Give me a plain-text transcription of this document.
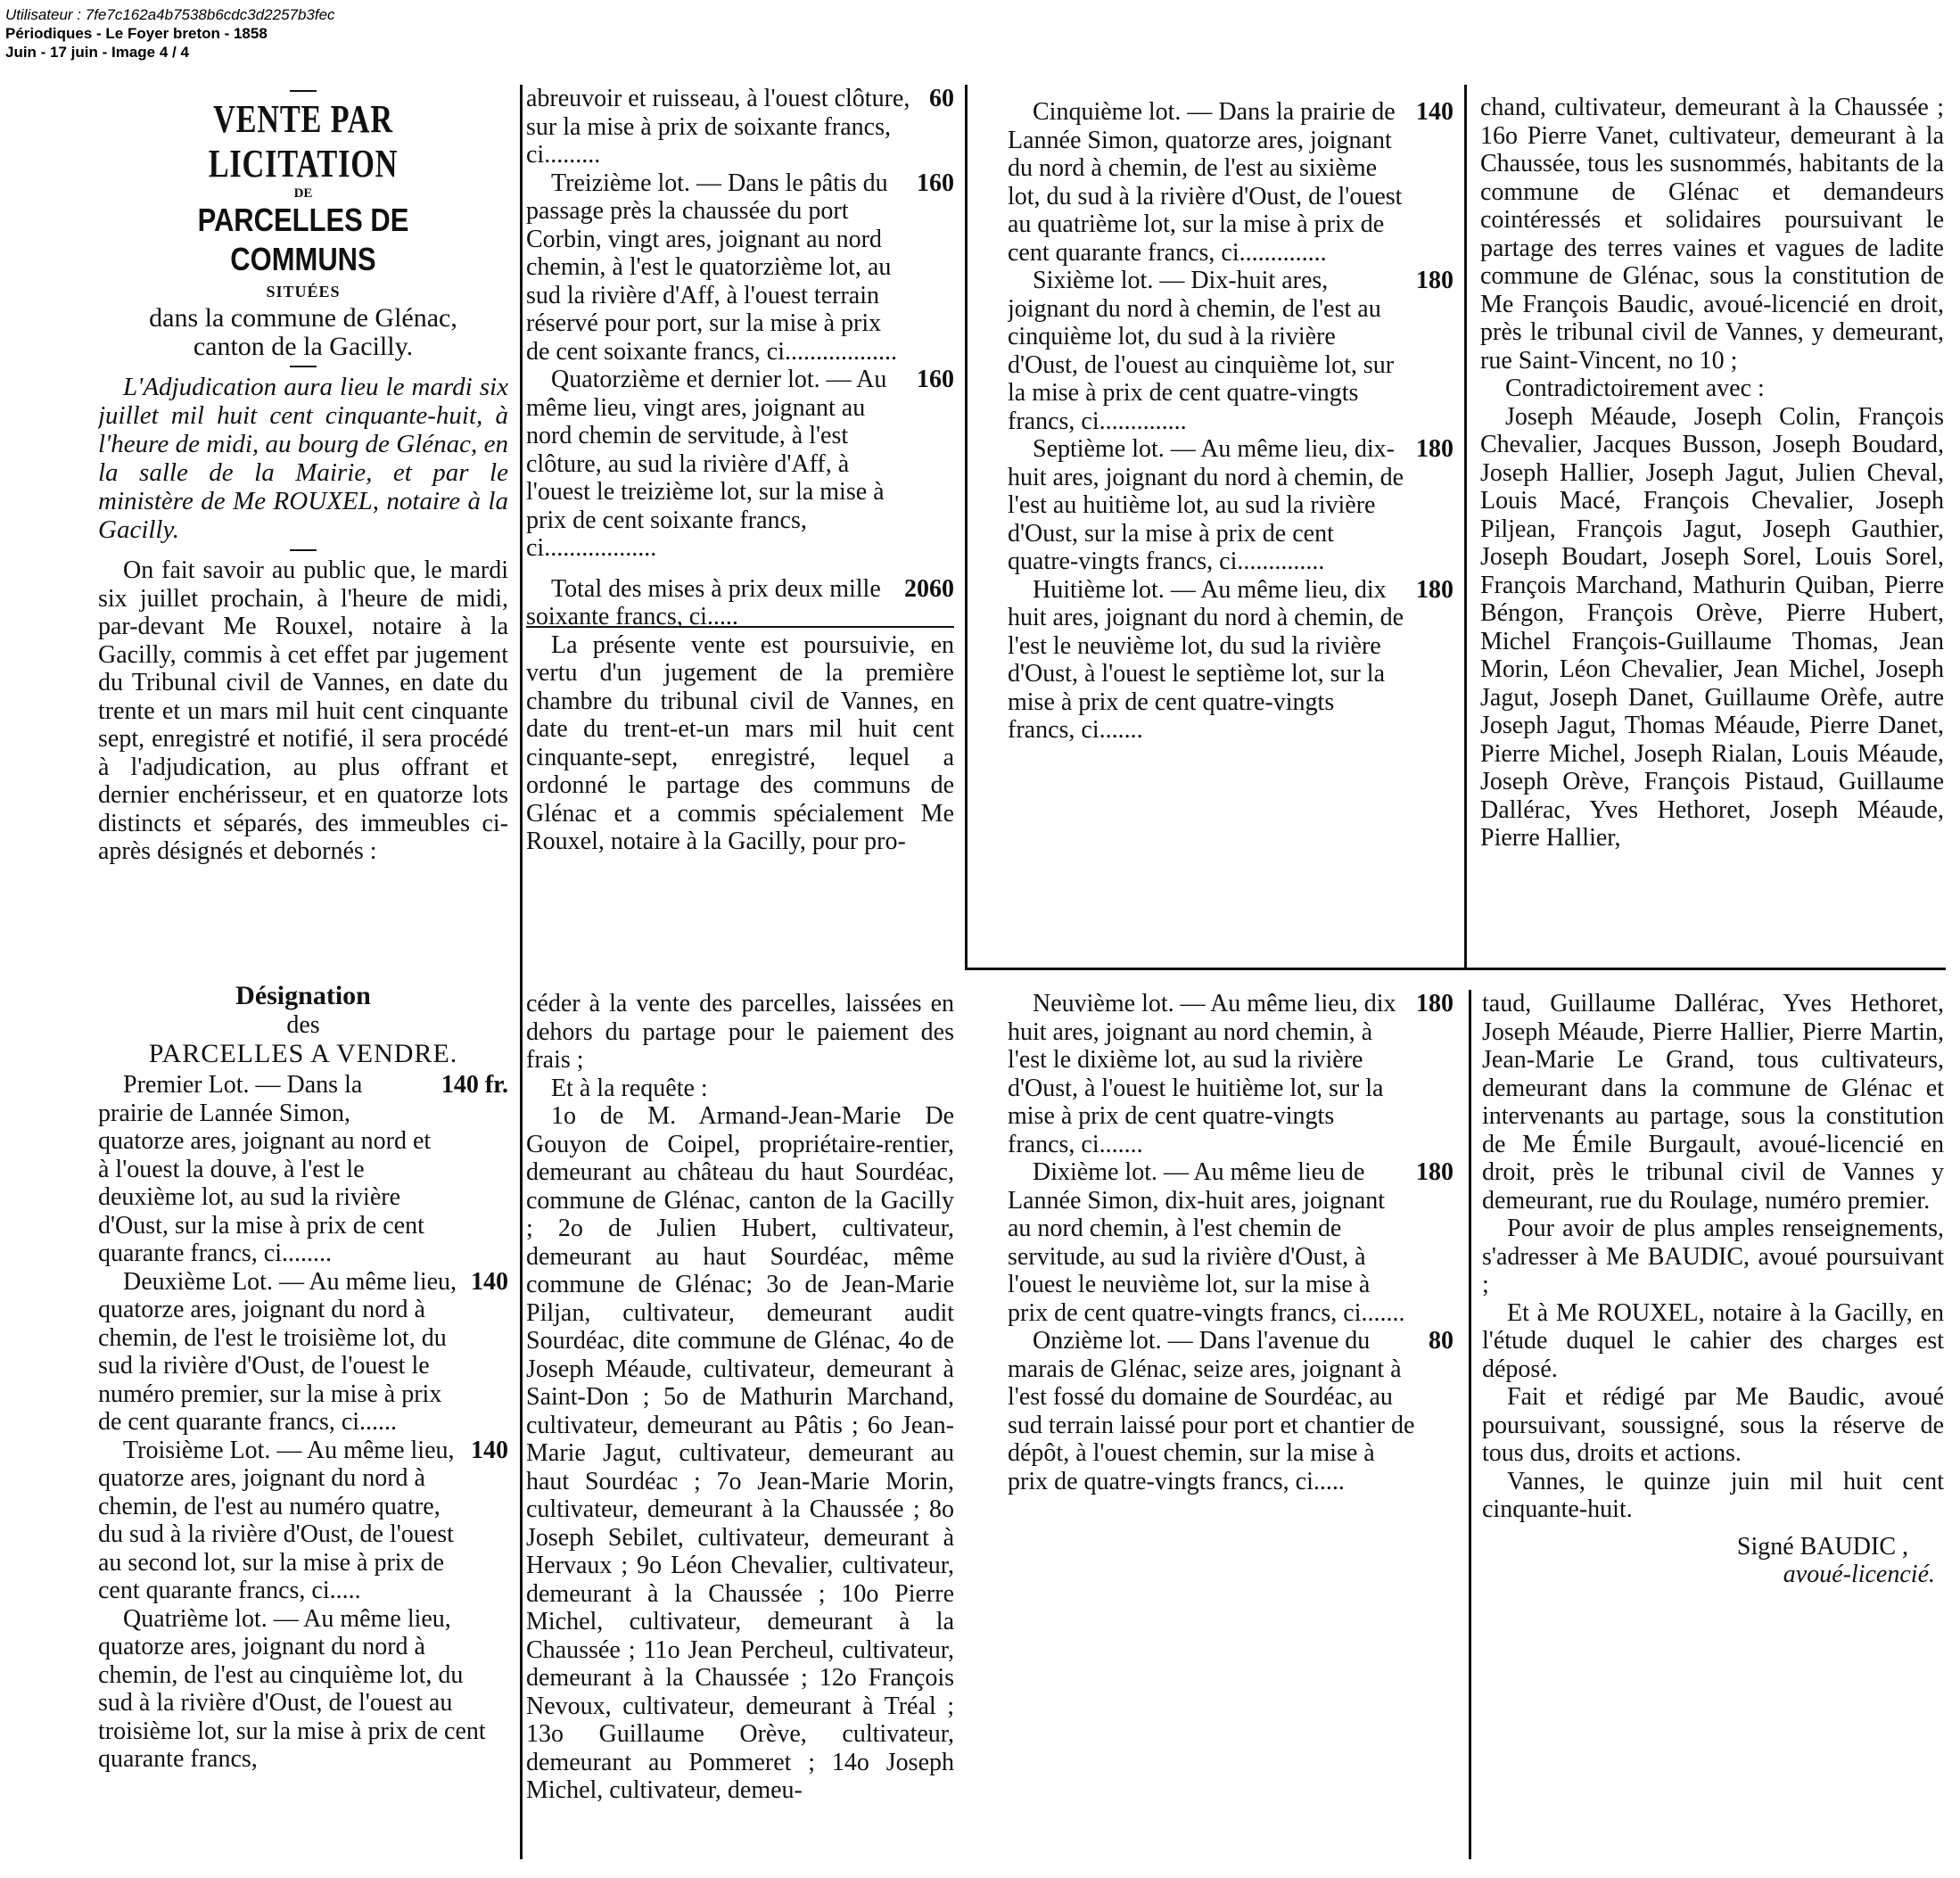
Utilisateur : 7fe7c162a4b7538b6cdc3d2257b3fec
Périodiques - Le Foyer breton - 1858
Juin - 17 juin - Image 4 / 4
VENTE PAR LICITATION
DE
PARCELLES DE COMMUNS
SITUÉES

dans la commune de Glénac,

canton de la Gacilly.

L'Adjudication aura lieu le mardi six juillet mil huit cent cinquante-huit, à l'heure de midi, au bourg de Glénac, en la salle de la Mairie, et par le ministère de Me ROUXEL, notaire à la Gacilly.

On fait savoir au public que, le mardi six juillet prochain, à l'heure de midi, par-devant Me Rouxel, notaire à la Gacilly, commis à cet effet par jugement du Tribunal civil de Vannes, en date du trente et un mars mil huit cent cinquante sept, enregistré et notifié, il sera procédé à l'adjudication, au plus offrant et dernier enchérisseur, et en quatorze lots distincts et séparés, des immeubles ci-après désignés et debornés :

Désignation

des

PARCELLES A VENDRE.

Premier Lot. — Dans la prairie de Lannée Simon, quatorze ares, joignant au nord et à l'ouest la douve, à l'est le deuxième lot, au sud la rivière d'Oust, sur la mise à prix de cent quarante francs, ci........
140 fr.
Deuxième Lot. — Au même lieu, quatorze ares, joignant du nord à chemin, de l'est le troisième lot, du sud la rivière d'Oust, de l'ouest le numéro premier, sur la mise à prix de cent quarante francs, ci......
140
Troisième Lot. — Au même lieu, quatorze ares, joignant du nord à chemin, de l'est au numéro quatre, du sud à la rivière d'Oust, de l'ouest au second lot, sur la mise à prix de cent quarante francs, ci.....
140
Quatrième lot. — Au même lieu, quatorze ares, joignant du nord à chemin, de l'est au cinquième lot, du sud à la rivière d'Oust, de l'ouest au troisième lot, sur la mise à prix de cent quarante francs,
abreuvoir et ruisseau, à l'ouest clôture, sur la mise à prix de soixante francs, ci.........
60
Treizième lot. — Dans le pâtis du passage près la chaussée du port Corbin, vingt ares, joignant au nord chemin, à l'est le quatorzième lot, au sud la rivière d'Aff, à l'ouest terrain réservé pour port, sur la mise à prix de cent soixante francs, ci..................
160
Quatorzième et dernier lot. — Au même lieu, vingt ares, joignant au nord chemin de servitude, à l'est clôture, au sud la rivière d'Aff, à l'ouest le treizième lot, sur la mise à prix de cent soixante francs, ci..................
160
Total des mises à prix deux mille soixante francs, ci.....
2060

La présente vente est poursuivie, en vertu d'un jugement de la première chambre du tribunal civil de Vannes, en date du trent-et-un mars mil huit cent cinquante-sept, enregistré, lequel a ordonné le partage des communs de Glénac et a commis spécialement Me Rouxel, notaire à la Gacilly, pour pro-

céder à la vente des parcelles, laissées en dehors du partage pour le paiement des frais ;

Et à la requête :

1o de M. Armand-Jean-Marie De Gouyon de Coipel, propriétaire-rentier, demeurant au château du haut Sourdéac, commune de Glénac, canton de la Gacilly ; 2o de Julien Hubert, cultivateur, demeurant au haut Sourdéac, même commune de Glénac; 3o de Jean-Marie Piljan, cultivateur, demeurant audit Sourdéac, dite commune de Glénac, 4o de Joseph Méaude, cultivateur, demeurant à Saint-Don ; 5o de Mathurin Marchand, cultivateur, demeurant au Pâtis ; 6o Jean-Marie Jagut, cultivateur, demeurant au haut Sourdéac ; 7o Jean-Marie Morin, cultivateur, demeurant à la Chaussée ; 8o Joseph Sebilet, cultivateur, demeurant à Hervaux ; 9o Léon Chevalier, cultivateur, demeurant à la Chaussée ; 10o Pierre Michel, cultivateur, demeurant à la Chaussée ; 11o Jean Percheul, cultivateur, demeurant à la Chaussée ; 12o François Nevoux, cultivateur, demeurant à Tréal ; 13o Guillaume Orève, cultivateur, demeurant au Pommeret ; 14o Joseph Michel, cultivateur, demeu-

Cinquième lot. — Dans la prairie de Lannée Simon, quatorze ares, joignant du nord à chemin, de l'est au sixième lot, du sud à la rivière d'Oust, de l'ouest au quatrième lot, sur la mise à prix de cent quarante francs, ci..............
140
Sixième lot. — Dix-huit ares, joignant du nord à chemin, de l'est au cinquième lot, du sud à la rivière d'Oust, de l'ouest au cinquième lot, sur la mise à prix de cent quatre-vingts francs, ci..............
180
Septième lot. — Au même lieu, dix-huit ares, joignant du nord à chemin, de l'est au huitième lot, au sud la rivière d'Oust, sur la mise à prix de cent quatre-vingts francs, ci..............
180
Huitième lot. — Au même lieu, dix huit ares, joignant du nord à chemin, de l'est le neuvième lot, du sud la rivière d'Oust, à l'ouest le septième lot, sur la mise à prix de cent quatre-vingts francs, ci.......
180
Neuvième lot. — Au même lieu, dix huit ares, joignant au nord chemin, à l'est le dixième lot, au sud la rivière d'Oust, à l'ouest le huitième lot, sur la mise à prix de cent quatre-vingts francs, ci.......
180
Dixième lot. — Au même lieu de Lannée Simon, dix-huit ares, joignant au nord chemin, à l'est chemin de servitude, au sud la rivière d'Oust, à l'ouest le neuvième lot, sur la mise à prix de cent quatre-vingts francs, ci.......
180
Onzième lot. — Dans l'avenue du marais de Glénac, seize ares, joignant à l'est fossé du domaine de Sourdéac, au sud terrain laissé pour port et chantier de dépôt, à l'ouest chemin, sur la mise à prix de quatre-vingts francs, ci.....
80

chand, cultivateur, demeurant à la Chaussée ; 16o Pierre Vanet, cultivateur, demeurant à la Chaussée, tous les susnommés, habitants de la commune de Glénac et demandeurs cointéressés et solidaires poursuivant le partage des terres vaines et vagues de ladite commune de Glénac, sous la constitution de Me François Baudic, avoué-licencié en droit, près le tribunal civil de Vannes, y demeurant, rue Saint-Vincent, no 10 ;

Contradictoirement avec :

Joseph Méaude, Joseph Colin, François Chevalier, Jacques Busson, Joseph Boudard, Joseph Hallier, Joseph Jagut, Julien Cheval, Louis Macé, François Chevalier, Joseph Piljean, François Jagut, Joseph Gauthier, Joseph Boudart, Joseph Sorel, Louis Sorel, François Marchand, Mathurin Quiban, Pierre Béngon, François Orève, Pierre Hubert, Michel François-Guillaume Thomas, Jean Morin, Léon Chevalier, Jean Michel, Joseph Jagut, Joseph Danet, Guillaume Orèfe, autre Joseph Jagut, Thomas Méaude, Pierre Danet, Pierre Michel, Joseph Rialan, Louis Méaude, Joseph Orève, François Pistaud, Guillaume Dallérac, Yves Hethoret, Joseph Méaude, Pierre Hallier,

taud, Guillaume Dallérac, Yves Hethoret, Joseph Méaude, Pierre Hallier, Pierre Martin, Jean-Marie Le Grand, tous cultivateurs, demeurant dans la commune de Glénac et intervenants au partage, sous la constitution de Me Émile Burgault, avoué-licencié en droit, près le tribunal civil de Vannes y demeurant, rue du Roulage, numéro premier.

Pour avoir de plus amples renseignements, s'adresser à Me BAUDIC, avoué poursuivant ;

Et à Me ROUXEL, notaire à la Gacilly, en l'étude duquel le cahier des charges est déposé.

Fait et rédigé par Me Baudic, avoué poursuivant, soussigné, sous la réserve de tous dus, droits et actions.

Vannes, le quinze juin mil huit cent cinquante-huit.

Signé BAUDIC ,

avoué-licencié.
